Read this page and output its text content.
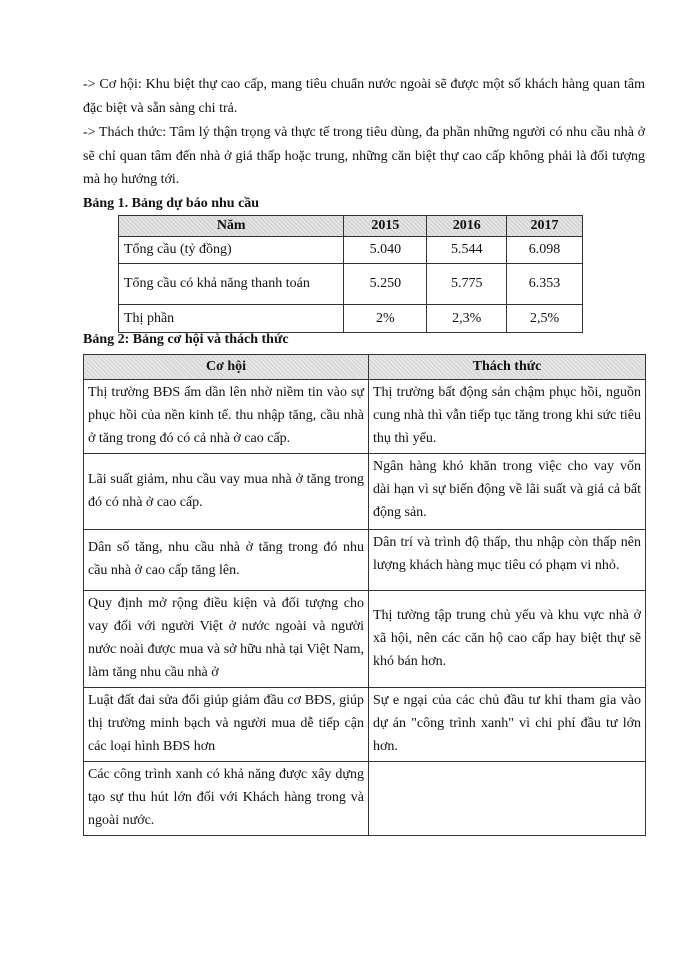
-> Cơ hội: Khu biệt thự cao cấp, mang tiêu chuẩn nước ngoài sẽ được một số khách hàng quan tâm đặc biệt và sẵn sàng chi trả.
-> Thách thức: Tâm lý thận trọng và thực tế trong tiêu dùng, đa phần những người có nhu cầu nhà ở sẽ chỉ quan tâm đến nhà ở giá thấp hoặc trung, những căn biệt thự cao cấp không phải là đối tượng mà họ hướng tới.
Bảng 1. Bảng dự báo nhu cầu
Năm	2015	2016	2017
Tổng cầu (tỷ đồng)	5.040	5.544	6.098
Tổng cầu có khả năng thanh toán	5.250	5.775	6.353
Thị phần	2%	2,3%	2,5%
Bảng 2: Bảng cơ hội và thách thức
Cơ hội	Thách thức
Thị trường BĐS ấm dần lên nhờ niềm tin vào sự phục hồi của nền kinh tế. thu nhập tăng, cầu nhà ở tăng trong đó có cả nhà ở cao cấp.	Thị trường bất động sản chậm phục hồi, nguồn cung nhà thì vẫn tiếp tục tăng trong khi sức tiêu thụ thì yếu.
Lãi suất giảm, nhu cầu vay mua nhà ở tăng trong đó có nhà ở cao cấp.	Ngân hàng khó khăn trong việc cho vay vốn dài hạn vì sự biến động về lãi suất và giá cả bất động sản.
Dân số tăng, nhu cầu nhà ở tăng trong đó nhu cầu nhà ở cao cấp tăng lên.	Dân trí và trình độ thấp, thu nhập còn thấp nên lượng khách hàng mục tiêu có phạm vi nhỏ.
Quy định mở rộng điều kiện và đối tượng cho vay đối với người Việt ở nước ngoài và người nước noài được mua và sở hữu nhà tại Việt Nam, làm tăng nhu cầu nhà ở	Thị tường tập trung chủ yếu và khu vực nhà ở xã hội, nên các căn hộ cao cấp hay biệt thự sẽ khó bán hơn.
Luật đất đai sửa đổi giúp giảm đầu cơ BĐS, giúp thị trường minh bạch và người mua dễ tiếp cận các loại hình BĐS hơn	Sự e ngại của các chủ đầu tư khi tham gia vào dự án "công trình xanh" vì chi phí đầu tư lớn hơn.
Các công trình xanh có khả năng được xây dựng tạo sự thu hút lớn đối với Khách hàng trong và ngoài nước.	
